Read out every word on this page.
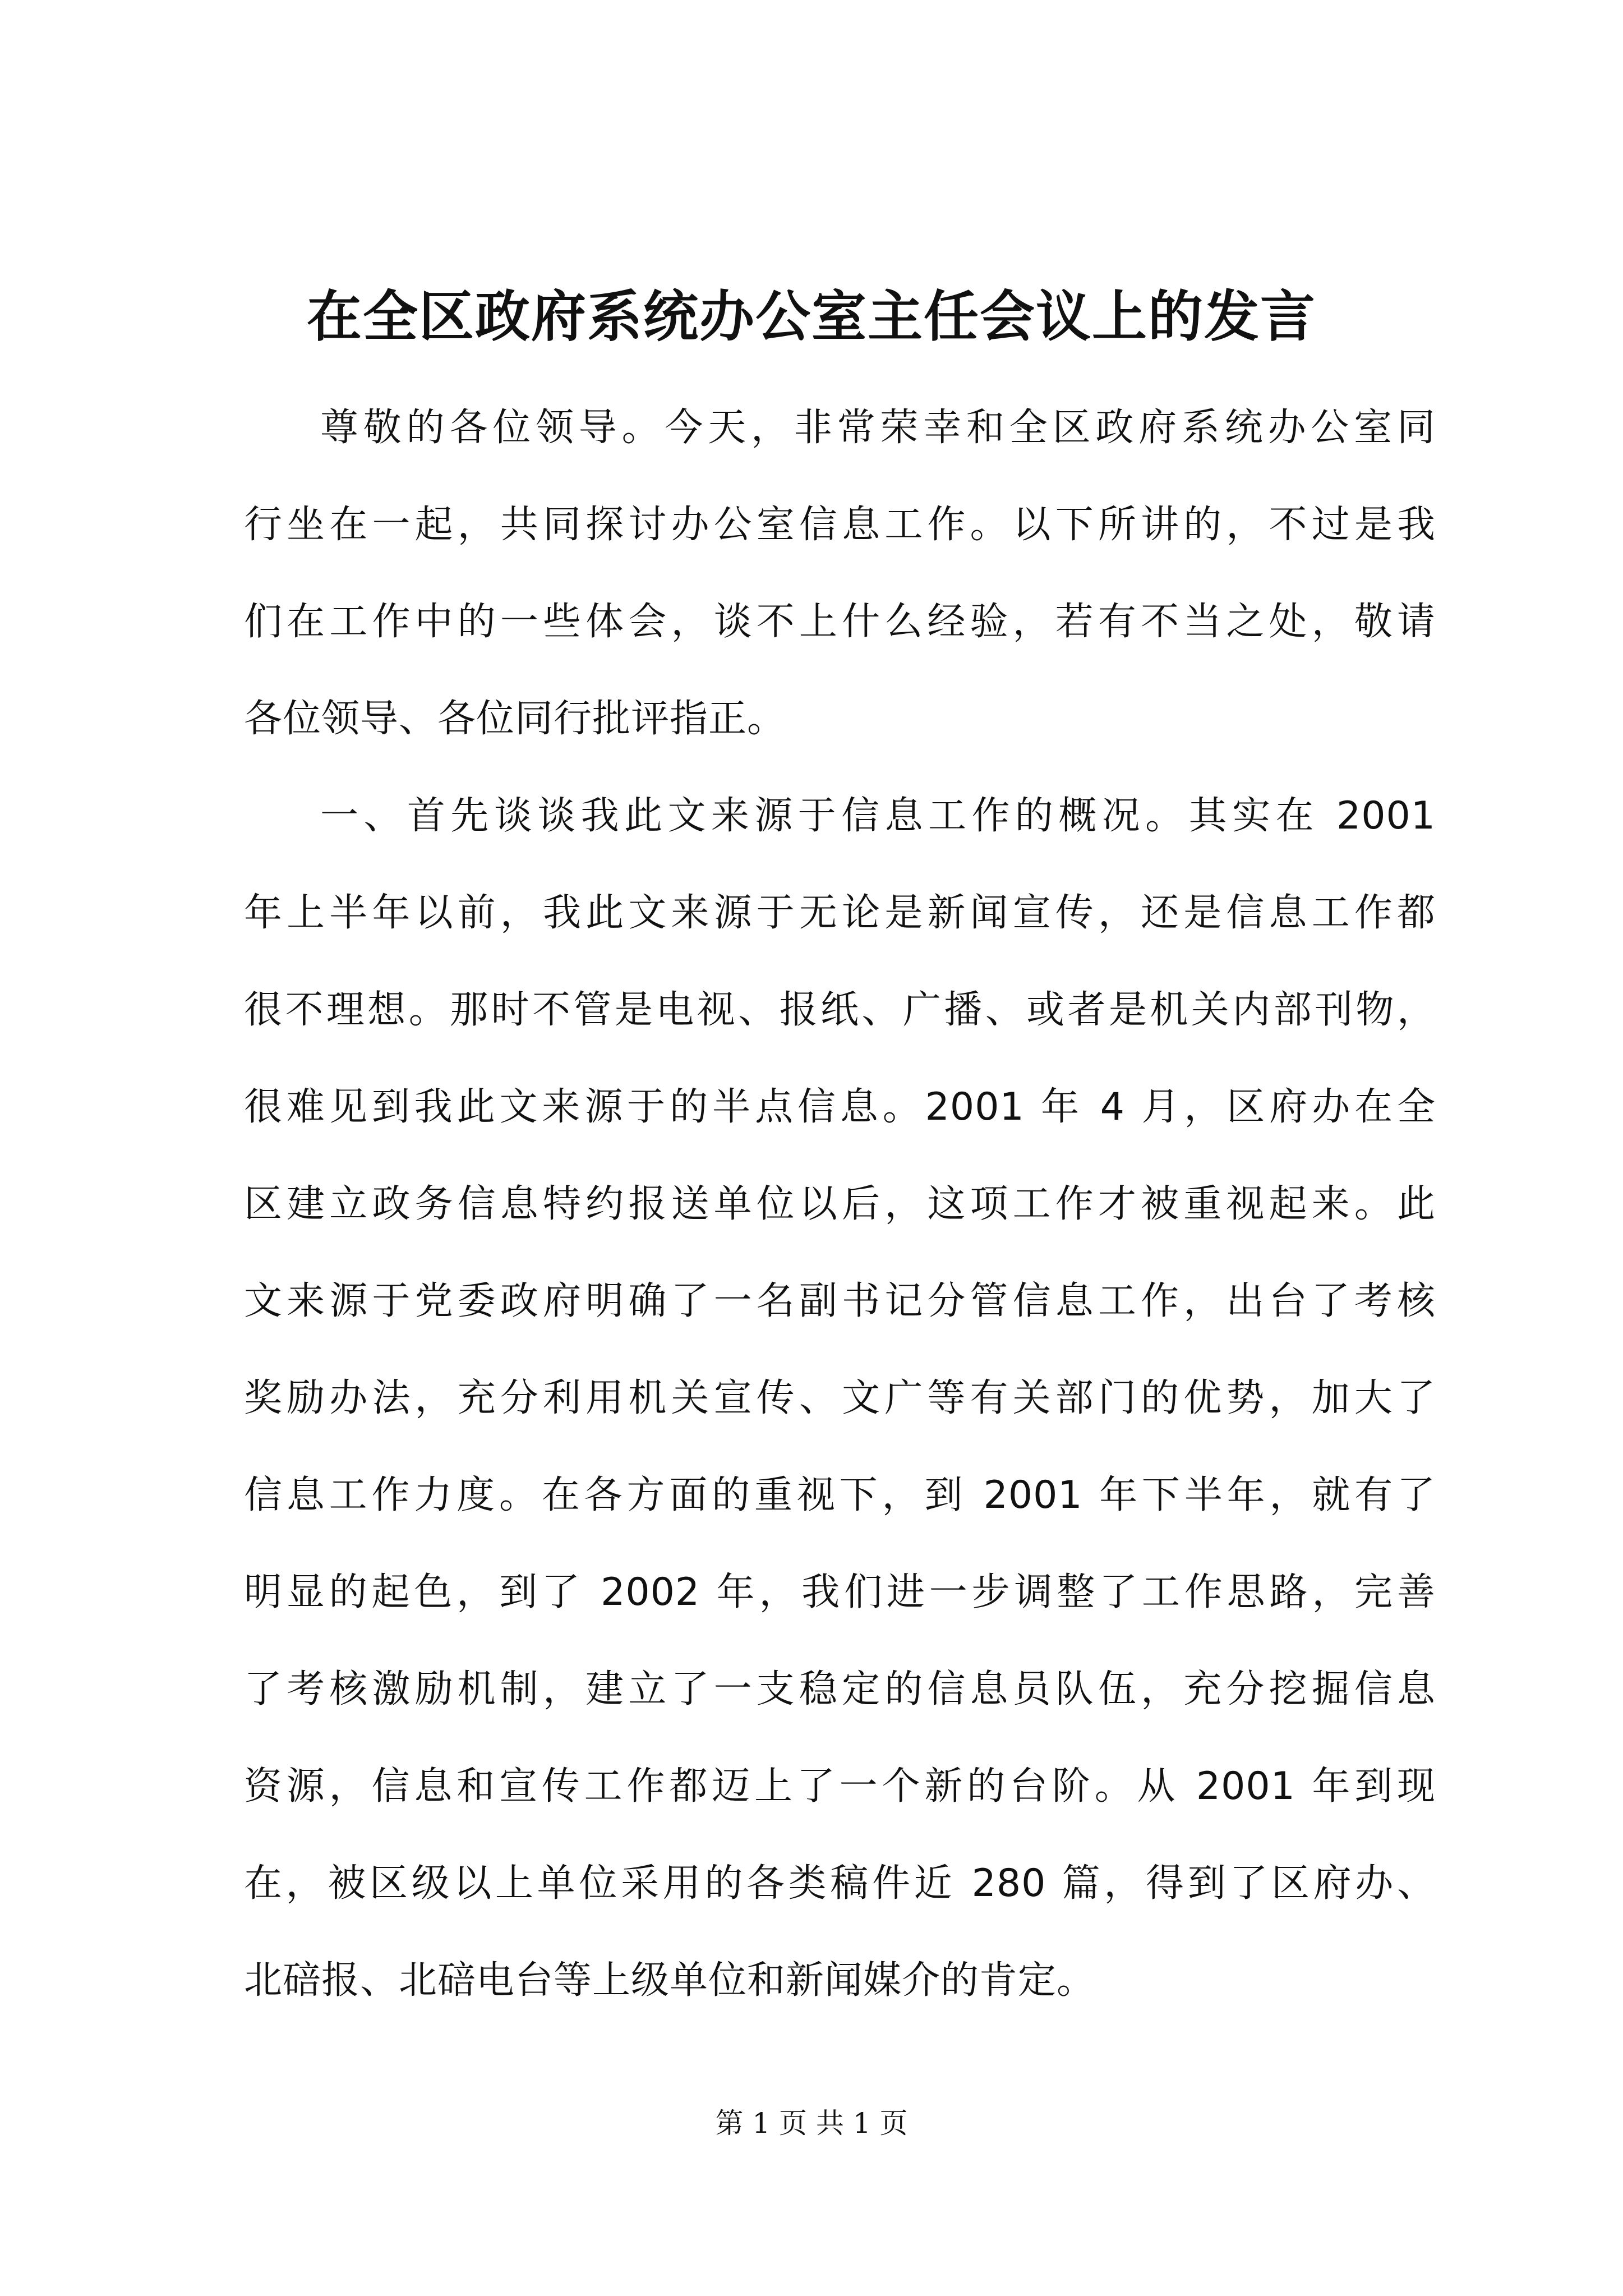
在全区政府系统办公室主任会议上的发言

尊敬的各位领导。今天，非常荣幸和全区政府系统办公室同
行坐在一起，共同探讨办公室信息工作。以下所讲的，不过是我
们在工作中的一些体会，谈不上什么经验，若有不当之处，敬请
各位领导、各位同行批评指正。

一、首先谈谈我此文来源于信息工作的概况。其实在 2001
年上半年以前，我此文来源于无论是新闻宣传，还是信息工作都
很不理想。那时不管是电视、报纸、广播、或者是机关内部刊物，
很难见到我此文来源于的半点信息。2001 年 4 月，区府办在全
区建立政务信息特约报送单位以后，这项工作才被重视起来。此
文来源于党委政府明确了一名副书记分管信息工作，出台了考核
奖励办法，充分利用机关宣传、文广等有关部门的优势，加大了
信息工作力度。在各方面的重视下，到 2001 年下半年，就有了
明显的起色，到了 2002 年，我们进一步调整了工作思路，完善
了考核激励机制，建立了一支稳定的信息员队伍，充分挖掘信息
资源，信息和宣传工作都迈上了一个新的台阶。从 2001 年到现
在，被区级以上单位采用的各类稿件近 280 篇，得到了区府办、
北碚报、北碚电台等上级单位和新闻媒介的肯定。

第 1 页 共 1 页
